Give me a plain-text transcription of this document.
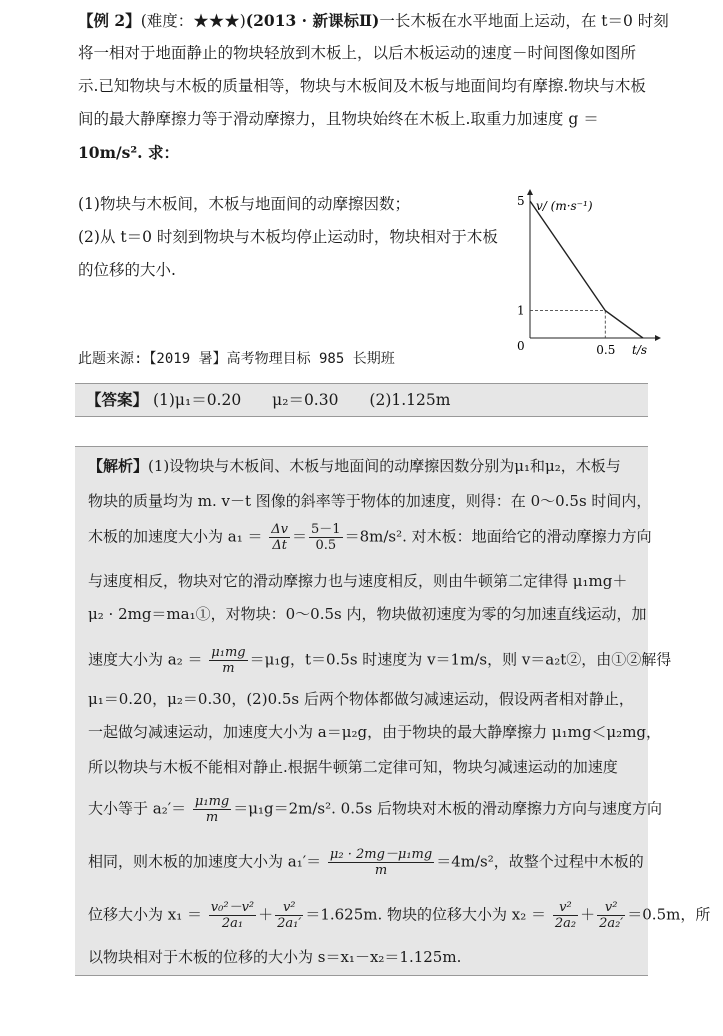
【例 2】(难度：★★★)(2013 · 新课标Ⅱ)一长木板在水平地面上运动，在 t＝0 时刻
将一相对于地面静止的物块轻放到木板上，以后木板运动的速度－时间图像如图所
示.已知物块与木板的质量相等，物块与木板间及木板与地面间均有摩擦.物块与木板
间的最大静摩擦力等于滑动摩擦力，且物块始终在木板上.取重力加速度 g ＝
10m/s². 求：
(1)物块与木板间，木板与地面间的动摩擦因数；
(2)从 t＝0 时刻到物块与木板均停止运动时，物块相对于木板
的位移的大小.
v/ (m·s⁻¹)
t/s
0
5
1
0.5
此题来源:【2019 暑】高考物理目标 985 长期班
【答案】 (1)μ₁＝0.20 μ₂＝0.30 (2)1.125m
【解析】(1)设物块与木板间、木板与地面间的动摩擦因数分别为μ₁和μ₂，木板与
物块的质量均为 m. v－t 图像的斜率等于物体的加速度，则得：在 0～0.5s 时间内，
木板的加速度大小为 $a_1 = \frac{\Delta v}{\Delta t} = \frac{5-1}{0.5} =8m/s^2$. 对木板：地面给它的滑动摩擦力方向
与速度相反，物块对它的滑动摩擦力也与速度相反，则由牛顿第二定律得 μ₁mg＋
μ₂ · 2mg＝ma₁①，对物块：0～0.5s 内，物块做初速度为零的匀加速直线运动，加
速度大小为 $a_2 = \frac{\text{μ₁mg}}{m} =\mu_1g$，t＝0.5s 时速度为 v＝1m/s，则 v＝a₂t②，由①②解得
μ₁＝0.20，μ₂＝0.30，(2)0.5s 后两个物体都做匀减速运动，假设两者相对静止，
一起做匀减速运动，加速度大小为 a＝μ₂g，由于物块的最大静摩擦力 μ₁mg＜μ₂mg，
所以物块与木板不能相对静止.根据牛顿第二定律可知，物块匀减速运动的加速度
大小等于 $a_2'= \frac{\text{μ₁mg}}{m} =\mu_1g=2m/s^2$. 0.5s 后物块对木板的滑动摩擦力方向与速度方向
相同，则木板的加速度大小为 $a_1'= \frac{\text{μ₂ · 2mg－μ₁mg}}{m} =4m/s^2$，故整个过程中木板的
位移大小为 $x_1 = \frac{\text{v₀²－v²}}{\text{2a₁}} + \frac{\text{v²}}{\text{2a₁′}} =1.625m$. 物块的位移大小为 $x_2 = \frac{\text{v²}}{\text{2a₂}} + \frac{\text{v²}}{\text{2a₂′}} =0.5m$，所
以物块相对于木板的位移的大小为 s＝x₁－x₂＝1.125m.
